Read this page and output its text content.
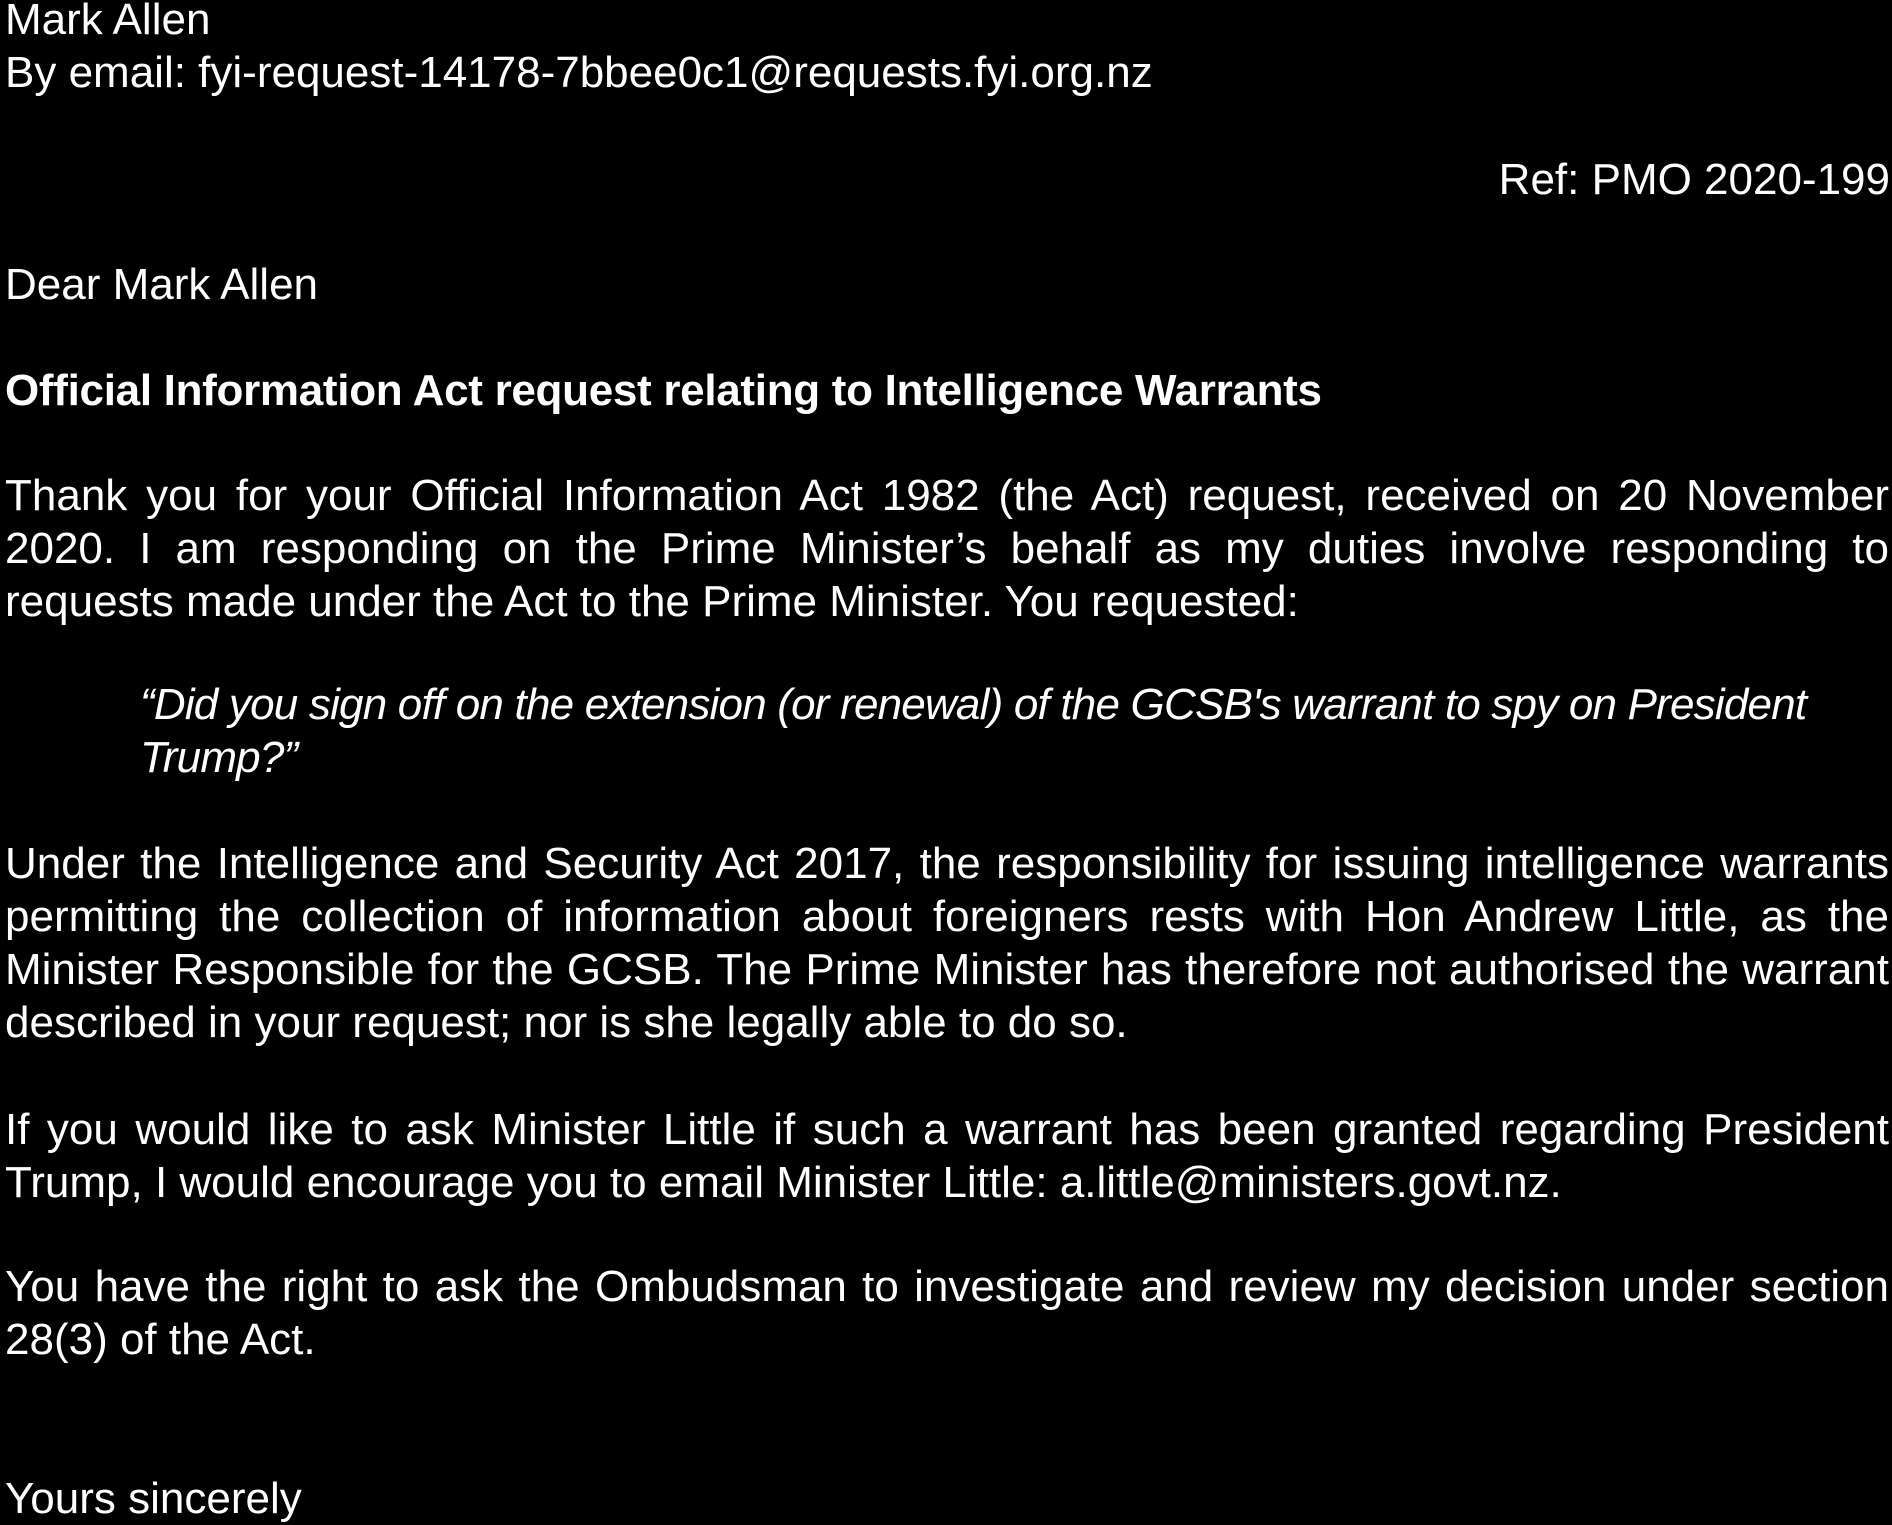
Mark Allen

By email: fyi-request-14178-7bbee0c1@requests.fyi.org.nz

Ref: PMO 2020-199

Dear Mark Allen

Official Information Act request relating to Intelligence Warrants

Thank you for your Official Information Act 1982 (the Act) request, received on 20 November 2020. I am responding on the Prime Minister’s behalf as my duties involve responding to requests made under the Act to the Prime Minister. You requested:

“Did you sign off on the extension (or renewal) of the GCSB's warrant to spy on President Trump?”

Under the Intelligence and Security Act 2017, the responsibility for issuing intelligence warrants permitting the collection of information about foreigners rests with Hon Andrew Little, as the Minister Responsible for the GCSB. The Prime Minister has therefore not authorised the warrant described in your request; nor is she legally able to do so.

If you would like to ask Minister Little if such a warrant has been granted regarding President Trump, I would encourage you to email Minister Little: a.little@ministers.govt.nz.

You have the right to ask the Ombudsman to investigate and review my decision under section 28(3) of the Act.

Yours sincerely
